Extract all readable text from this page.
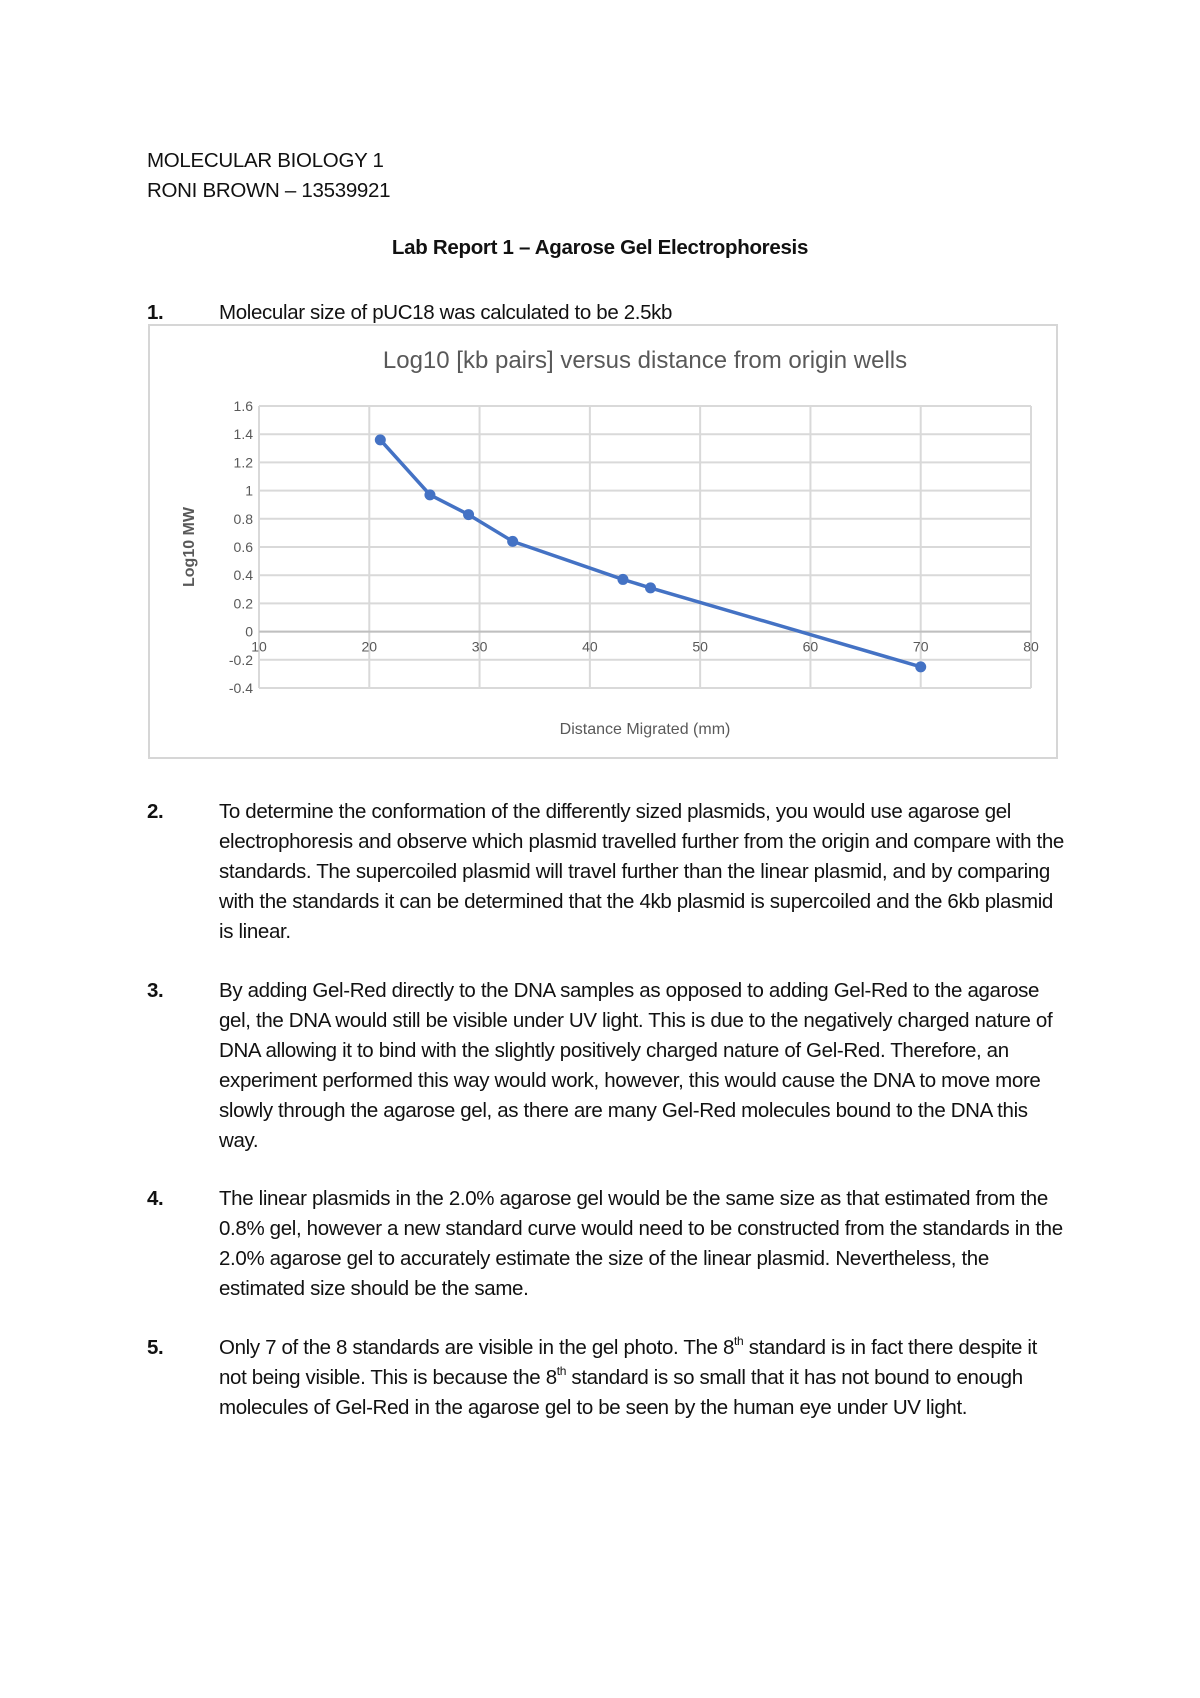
MOLECULAR BIOLOGY 1
RONI BROWN – 13539921
Lab Report 1 – Agarose Gel Electrophoresis
1.	Molecular size of pUC18 was calculated to be 2.5kb
Log10 [kb pairs] versus distance from origin wells
-0.4
-0.2
0
0.2
0.4
0.6
0.8
1
1.2
1.4
1.6
10	20	30	40	50	60	70	80
Distance Migrated (mm)
Log10 MW
2.	To determine the conformation of the differently sized plasmids, you would use agarose gel electrophoresis and observe which plasmid travelled further from the origin and compare with the standards. The supercoiled plasmid will travel further than the linear plasmid, and by comparing with the standards it can be determined that the 4kb plasmid is supercoiled and the 6kb plasmid is linear.
3.	By adding Gel-Red directly to the DNA samples as opposed to adding Gel-Red to the agarose gel, the DNA would still be visible under UV light. This is due to the negatively charged nature of DNA allowing it to bind with the slightly positively charged nature of Gel-Red. Therefore, an experiment performed this way would work, however, this would cause the DNA to move more slowly through the agarose gel, as there are many Gel-Red molecules bound to the DNA this way.
4.	The linear plasmids in the 2.0% agarose gel would be the same size as that estimated from the 0.8% gel, however a new standard curve would need to be constructed from the standards in the 2.0% agarose gel to accurately estimate the size of the linear plasmid. Nevertheless, the estimated size should be the same.
5.	Only 7 of the 8 standards are visible in the gel photo. The 8th standard is in fact there despite it not being visible. This is because the 8th standard is so small that it has not bound to enough molecules of Gel-Red in the agarose gel to be seen by the human eye under UV light.
